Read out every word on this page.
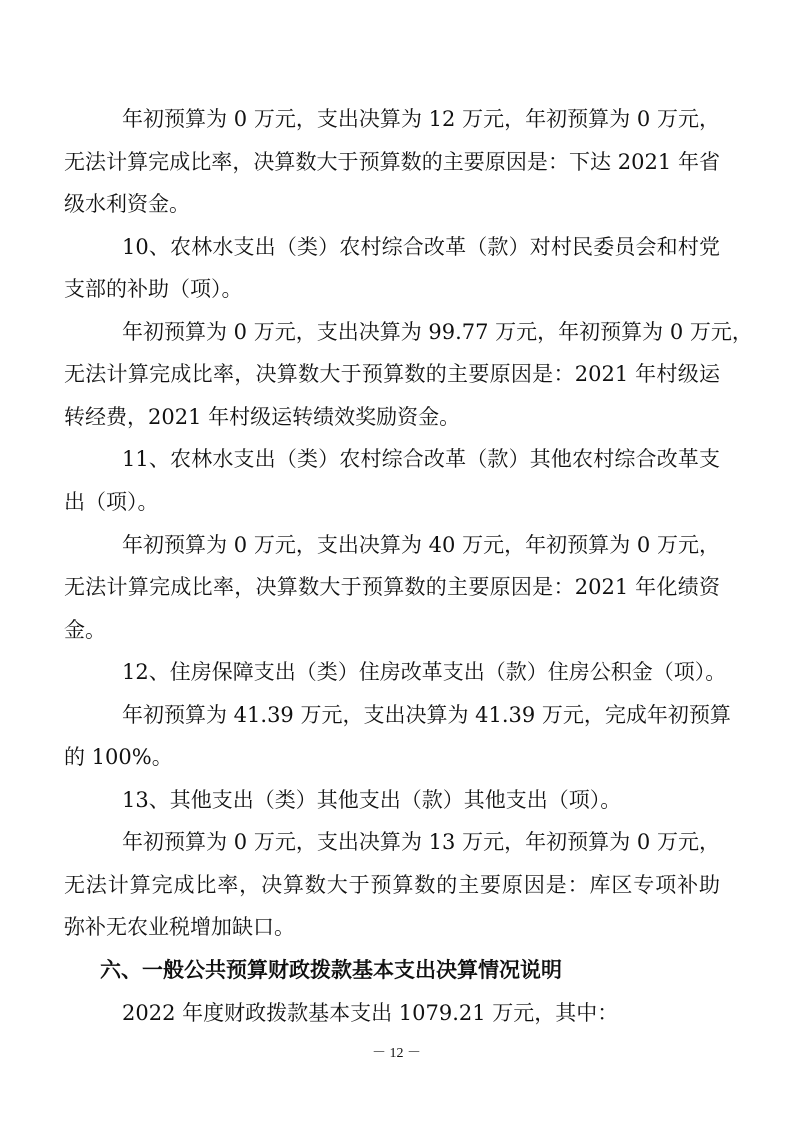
年初预算为 0 万元，支出决算为 12 万元，年初预算为 0 万元，
无法计算完成比率，决算数大于预算数的主要原因是：下达 2021 年省
级水利资金。
10、农林水支出（类）农村综合改革（款）对村民委员会和村党
支部的补助（项）。
年初预算为 0 万元，支出决算为 99.77 万元，年初预算为 0 万元，
无法计算完成比率，决算数大于预算数的主要原因是：2021 年村级运
转经费，2021 年村级运转绩效奖励资金。
11、农林水支出（类）农村综合改革（款）其他农村综合改革支
出（项）。
年初预算为 0 万元，支出决算为 40 万元，年初预算为 0 万元，
无法计算完成比率，决算数大于预算数的主要原因是：2021 年化绩资
金。
12、住房保障支出（类）住房改革支出（款）住房公积金（项）。
年初预算为 41.39 万元，支出决算为 41.39 万元，完成年初预算
的 100%。
13、其他支出（类）其他支出（款）其他支出（项）。
年初预算为 0 万元，支出决算为 13 万元，年初预算为 0 万元，
无法计算完成比率，决算数大于预算数的主要原因是：库区专项补助
弥补无农业税增加缺口。
六、一般公共预算财政拨款基本支出决算情况说明
2022 年度财政拨款基本支出 1079.21 万元，其中：
－ 12 －
